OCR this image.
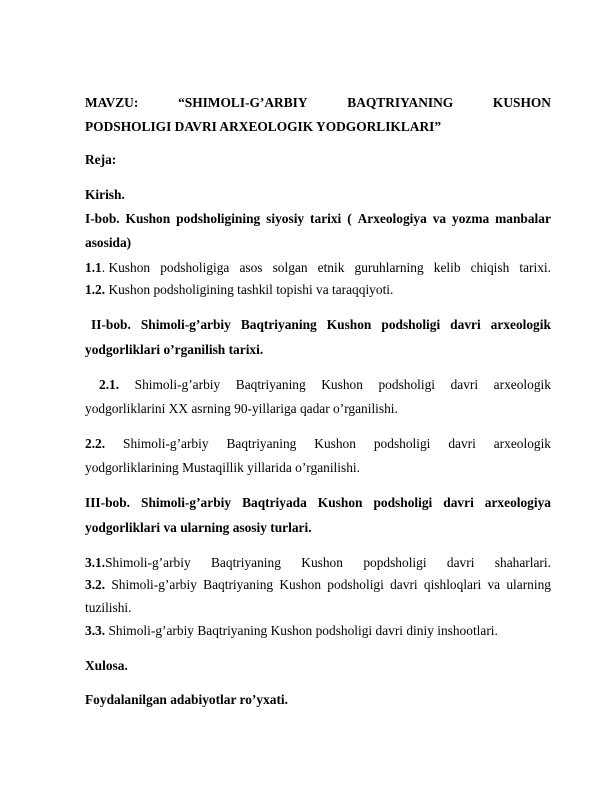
MAVZU:	“SHIMOLI-G’ARBIY	BAQTRIYANING	KUSHON
PODSHOLIGI DAVRI ARXEOLOGIK YODGORLIKLARI”
Reja:
Kirish.
I-bob. Kushon podsholigining siyosiy tarixi ( Arxeologiya va yozma manbalar
asosida)
1.1. Kushon podsholigiga asos solgan etnik guruhlarning kelib chiqish tarixi.
1.2. Kushon podsholigining tashkil topishi va taraqqiyoti.
II-bob. Shimoli-g’arbiy Baqtriyaning Kushon podsholigi davri arxeologik
yodgorliklari o’rganilish tarixi.
2.1. Shimoli-g’arbiy Baqtriyaning Kushon podsholigi davri arxeologik
yodgorliklarini XX asrning 90-yillariga qadar o’rganilishi.
2.2. Shimoli-g’arbiy Baqtriyaning Kushon podsholigi davri arxeologik
yodgorliklarining Mustaqillik yillarida o’rganilishi.
III-bob. Shimoli-g’arbiy Baqtriyada Kushon podsholigi davri arxeologiya
yodgorliklari va ularning asosiy turlari.
3.1.Shimoli-g’arbiy Baqtriyaning Kushon popdsholigi davri shaharlari.
3.2. Shimoli-g’arbiy Baqtriyaning Kushon podsholigi davri qishloqlari va ularning
tuzilishi.
3.3. Shimoli-g’arbiy Baqtriyaning Kushon podsholigi davri diniy inshootlari.
Xulosa.
Foydalanilgan adabiyotlar ro’yxati.
